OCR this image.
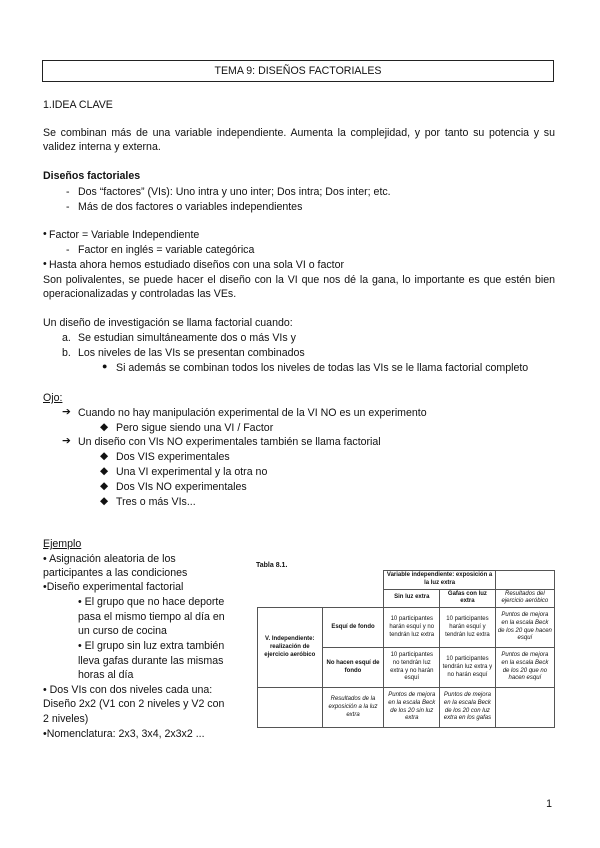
TEMA 9: DISEÑOS FACTORIALES
1.IDEA CLAVE
Se combinan más de una variable independiente. Aumenta la complejidad, y por tanto su potencia y su validez interna y externa.
Diseños factoriales
- Dos “factores” (VIs): Uno intra y uno inter; Dos intra; Dos inter; etc.
- Más de dos factores o variables independientes
• Factor = Variable Independiente
- Factor en inglés = variable categórica
• Hasta ahora hemos estudiado diseños con una sola VI o factor
Son polivalentes, se puede hacer el diseño con la VI que nos dé la gana, lo importante es que estén bien operacionalizadas y controladas las VEs.
Un diseño de investigación se llama factorial cuando:
a. Se estudian simultáneamente dos o más VIs y
b. Los niveles de las VIs se presentan combinados
● Si además se combinan todos los niveles de todas las VIs se le llama factorial completo
Ojo:
➔ Cuando no hay manipulación experimental de la VI NO es un experimento
◆ Pero sigue siendo una VI / Factor
➔ Un diseño con VIs NO experimentales también se llama factorial
◆ Dos VIS experimentales
◆ Una VI experimental y la otra no
◆ Dos VIs NO experimentales
◆ Tres o más VIs...
Ejemplo
• Asignación aleatoria de los
participantes a las condiciones
•Diseño experimental factorial
• El grupo que no hace deporte
pasa el mismo tiempo al día en
un curso de cocina
• El grupo sin luz extra también
lleva gafas durante las mismas
horas al día
• Dos VIs con dos niveles cada una:
Diseño 2x2 (V1 con 2 niveles y V2 con
2 niveles)
•Nomenclatura: 2x3, 3x4, 2x3x2 ...
Tabla 8.1.
		Variable independiente: exposición a la luz extra		
		Sin luz extra	Gafas con luz extra	Resultados del ejercicio aeróbico
V. Independiente: realización de ejercicio aeróbico	Esquí de fondo	10 participantes harán esquí y no tendrán luz extra	10 participantes harán esquí y tendrán luz extra	Puntos de mejora en la escala Beck de los 20 que hacen esquí
	No hacen esquí de fondo	10 participantes no tendrán luz extra y no harán esquí	10 participantes tendrán luz extra y no harán esquí	Puntos de mejora en la escala Beck de los 20 que no hacen esquí
	Resultados de la exposición a la luz extra	Puntos de mejora en la escala Beck de los 20 sin luz extra	Puntos de mejora en la escala Beck de los 20 con luz extra en los gafas	
1
